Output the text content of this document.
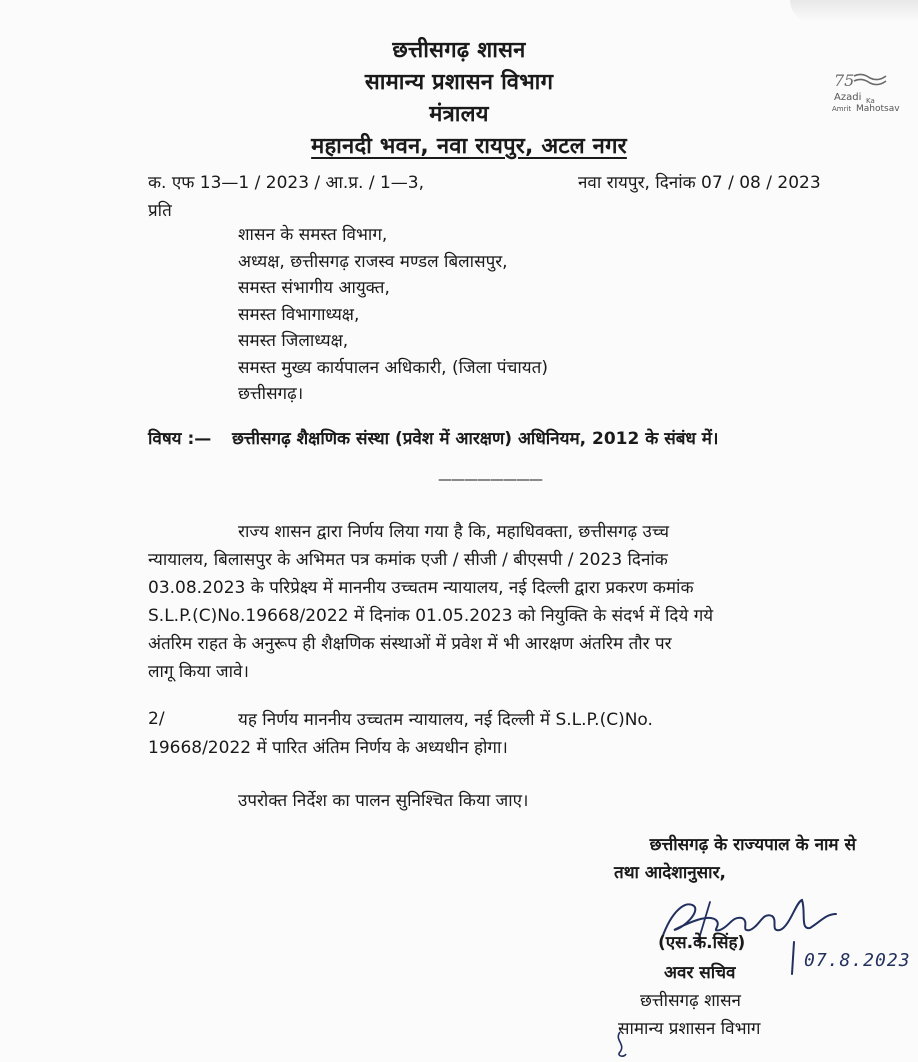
छत्तीसगढ़ शासन
सामान्य प्रशासन विभाग
मंत्रालय
महानदी भवन, नवा रायपुर, अटल नगर
75
Azadi Ka
Amrit Mahotsav
क. एफ 13—1 / 2023 / आ.प्र. / 1—3,	नवा रायपुर, दिनांक 07 / 08 / 2023
प्रति
शासन के समस्त विभाग,
अध्यक्ष, छत्तीसगढ़ राजस्व मण्डल बिलासपुर,
समस्त संभागीय आयुक्त,
समस्त विभागाध्यक्ष,
समस्त जिलाध्यक्ष,
समस्त मुख्य कार्यपालन अधिकारी, (जिला पंचायत)
छत्तीसगढ़।
विषय :— छत्तीसगढ़ शैक्षणिक संस्था (प्रवेश में आरक्षण) अधिनियम, 2012 के संबंध में।
————————
राज्य शासन द्वारा निर्णय लिया गया है कि, महाधिवक्ता, छत्तीसगढ़ उच्च
न्यायालय, बिलासपुर के अभिमत पत्र कमांक एजी / सीजी / बीएसपी / 2023 दिनांक
03.08.2023 के परिप्रेक्ष्य में माननीय उच्चतम न्यायालय, नई दिल्ली द्वारा प्रकरण कमांक
S.L.P.(C)No.19668/2022 में दिनांक 01.05.2023 को नियुक्ति के संदर्भ में दिये गये
अंतरिम राहत के अनुरूप ही शैक्षणिक संस्थाओं में प्रवेश में भी आरक्षण अंतरिम तौर पर
लागू किया जावे।
2/	यह निर्णय माननीय उच्चतम न्यायालय, नई दिल्ली में S.L.P.(C)No.
19668/2022 में पारित अंतिम निर्णय के अध्यधीन होगा।
उपरोक्त निर्देश का पालन सुनिश्चित किया जाए।
छत्तीसगढ़ के राज्यपाल के नाम से
तथा आदेशानुसार,
(एस.के.सिंह)
अवर सचिव
छत्तीसगढ़ शासन
सामान्य प्रशासन विभाग
07.8.2023
